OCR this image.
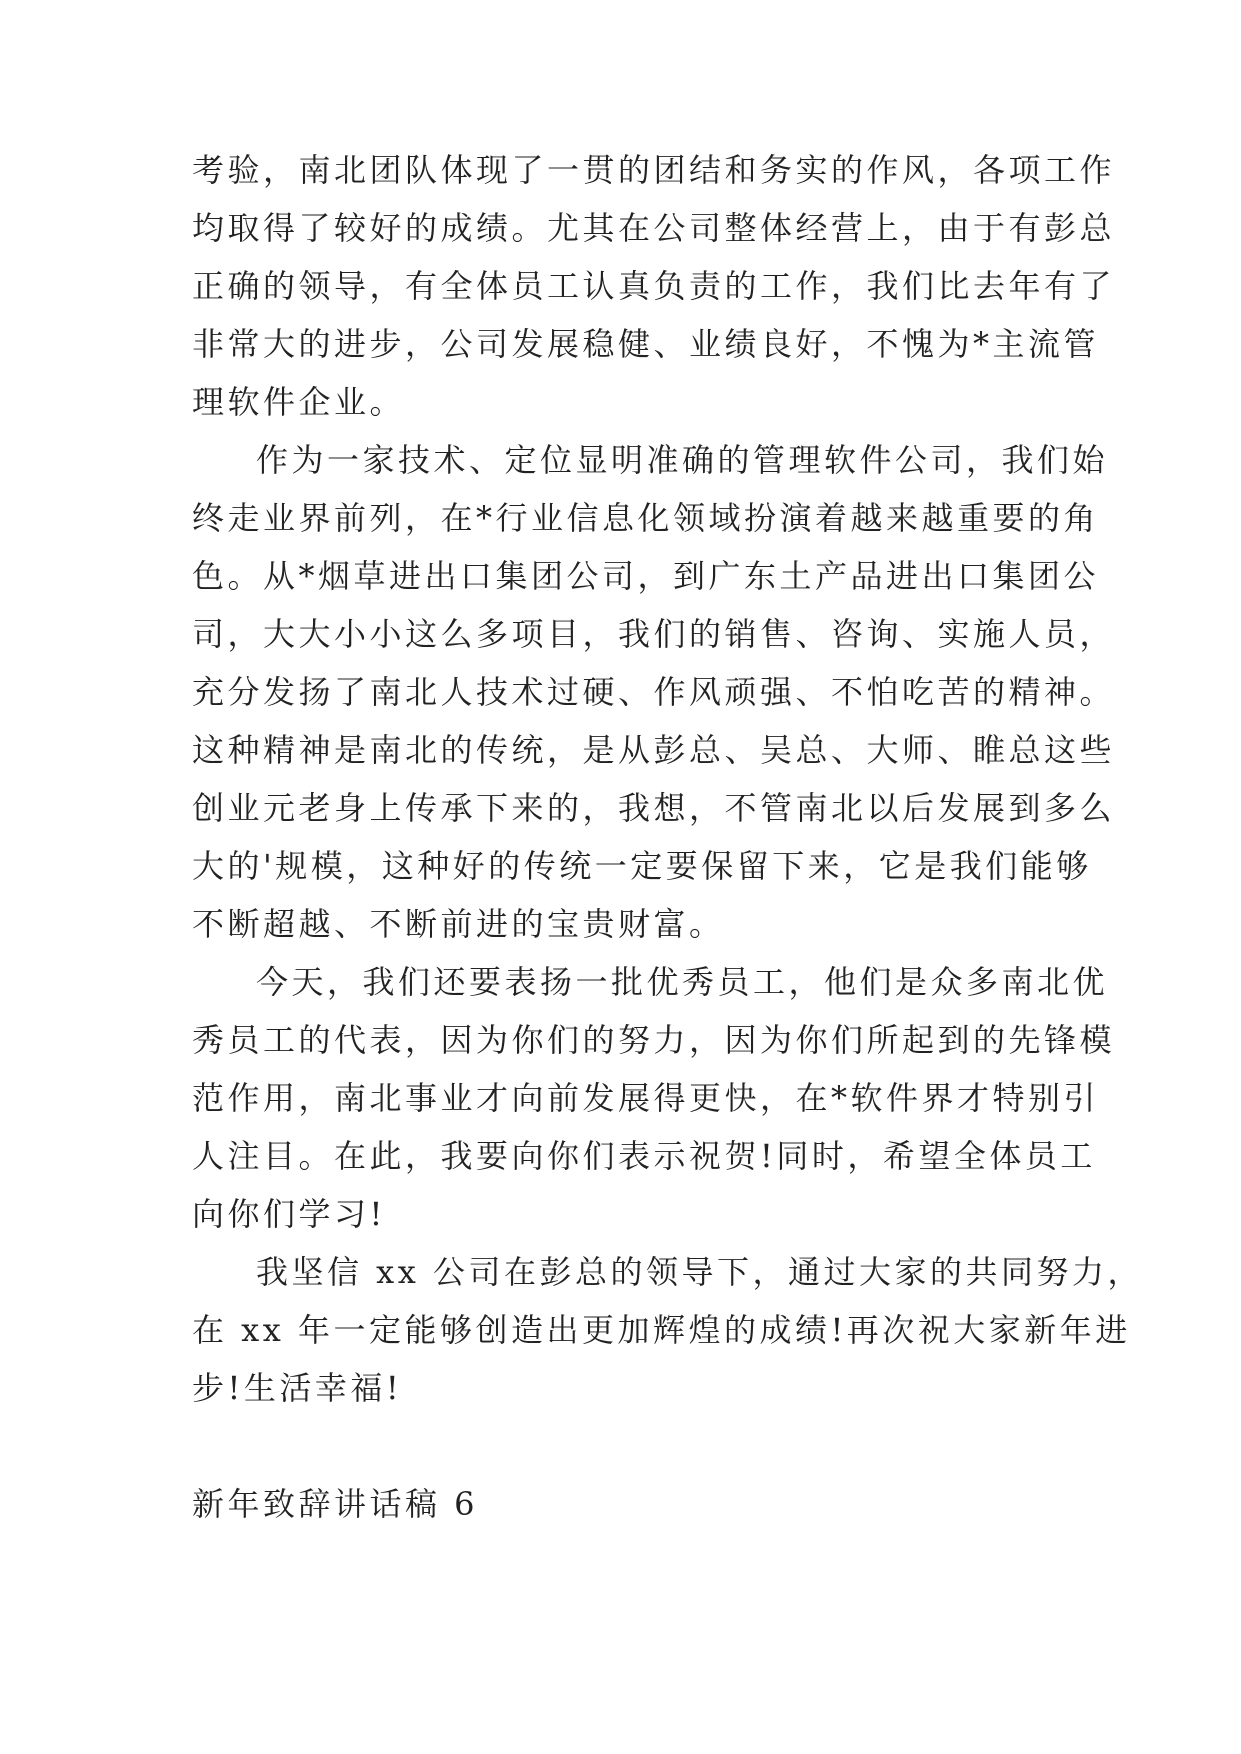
考验，南北团队体现了一贯的团结和务实的作风，各项工作
均取得了较好的成绩。尤其在公司整体经营上，由于有彭总
正确的领导，有全体员工认真负责的工作，我们比去年有了
非常大的进步，公司发展稳健、业绩良好，不愧为*主流管
理软件企业。
作为一家技术、定位显明准确的管理软件公司，我们始
终走业界前列，在*行业信息化领域扮演着越来越重要的角
色。从*烟草进出口集团公司，到广东土产品进出口集团公
司，大大小小这么多项目，我们的销售、咨询、实施人员，
充分发扬了南北人技术过硬、作风顽强、不怕吃苦的精神。
这种精神是南北的传统，是从彭总、吴总、大师、睢总这些
创业元老身上传承下来的，我想，不管南北以后发展到多么
大的'规模，这种好的传统一定要保留下来，它是我们能够
不断超越、不断前进的宝贵财富。
今天，我们还要表扬一批优秀员工，他们是众多南北优
秀员工的代表，因为你们的努力，因为你们所起到的先锋模
范作用，南北事业才向前发展得更快，在*软件界才特别引
人注目。在此，我要向你们表示祝贺!同时，希望全体员工
向你们学习!
我坚信 xx 公司在彭总的领导下，通过大家的共同努力，
在 xx 年一定能够创造出更加辉煌的成绩!再次祝大家新年进
步!生活幸福!
新年致辞讲话稿 6
